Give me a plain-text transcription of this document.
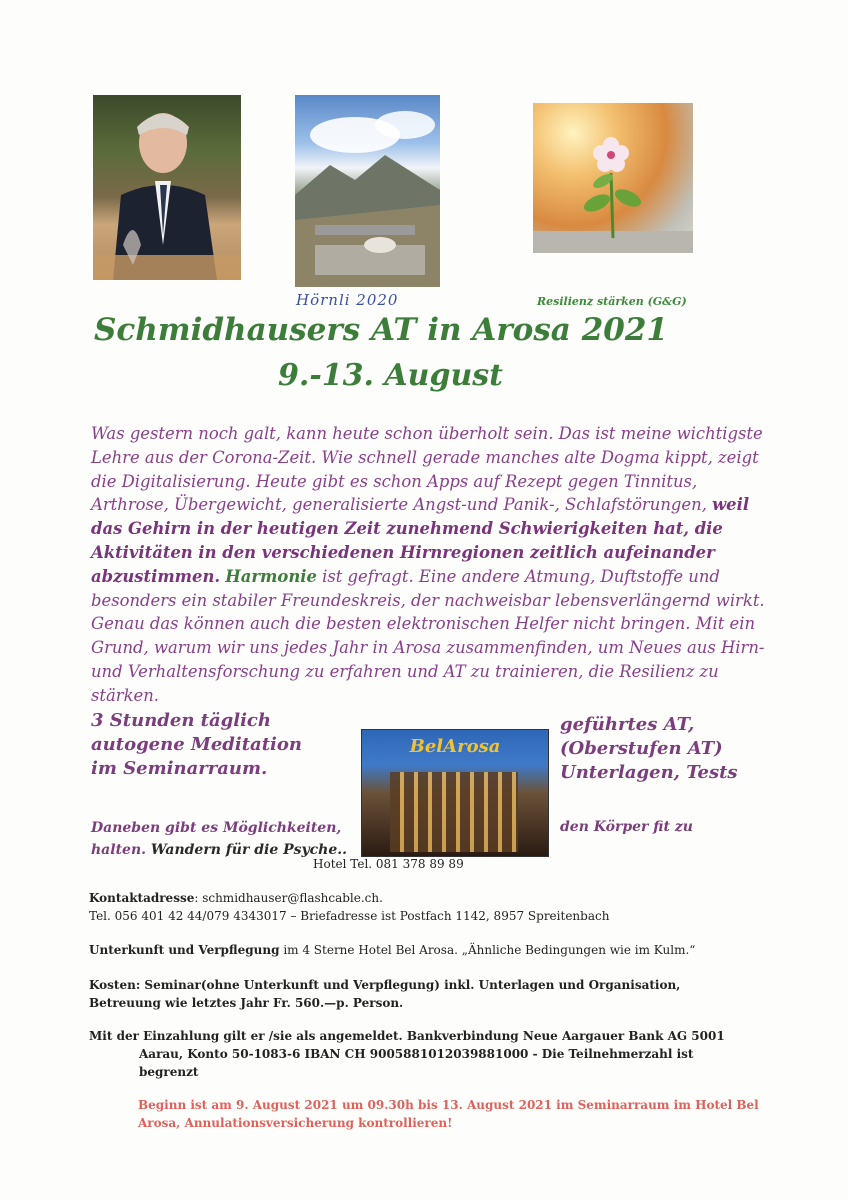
Hörnli 2020	Resilienz stärken (G&G)
Schmidhausers AT in Arosa 2021
9.-13. August

Was gestern noch galt, kann heute schon überholt sein. Das ist meine wichtigste Lehre aus der Corona-Zeit. Wie schnell gerade manches alte Dogma kippt, zeigt die Digitalisierung. Heute gibt es schon Apps auf Rezept gegen Tinnitus, Arthrose, Übergewicht, generalisierte Angst-und Panik-, Schlafstörungen, weil das Gehirn in der heutigen Zeit zunehmend Schwierigkeiten hat, die Aktivitäten in den verschiedenen Hirnregionen zeitlich aufeinander abzustimmen. Harmonie ist gefragt. Eine andere Atmung, Duftstoffe und besonders ein stabiler Freundeskreis, der nachweisbar lebensverlängernd wirkt. Genau das können auch die besten elektronischen Helfer nicht bringen. Mit ein Grund, warum wir uns jedes Jahr in Arosa zusammenfinden, um Neues aus Hirn-und Verhaltensforschung zu erfahren und AT zu trainieren, die Resilienz zu stärken.

3 Stunden täglich
autogene Meditation
im Seminarraum.

geführtes AT,
(Oberstufen AT)
Unterlagen, Tests

BelArosa

Daneben gibt es Möglichkeiten, halten. Wandern für die Psyche..

den Körper fit zu

Hotel Tel. 081 378 89 89
Kontaktadresse: schmidhauser@flashcable.ch.
Tel. 056 401 42 44/079 4343017 – Briefadresse ist Postfach 1142, 8957 Spreitenbach
Unterkunft und Verpflegung im 4 Sterne Hotel Bel Arosa. „Ähnliche Bedingungen wie im Kulm.“
Kosten: Seminar(ohne Unterkunft und Verpflegung) inkl. Unterlagen und Organisation, Betreuung wie letztes Jahr Fr. 560.—p. Person.
Mit der Einzahlung gilt er /sie als angemeldet. Bankverbindung Neue Aargauer Bank AG 5001
Aarau, Konto 50-1083-6 IBAN CH 9005881012039881000 - Die Teilnehmerzahl ist begrenzt

Beginn ist am 9. August 2021 um 09.30h bis 13. August 2021 im Seminarraum im Hotel Bel Arosa, Annulationsversicherung kontrollieren!
